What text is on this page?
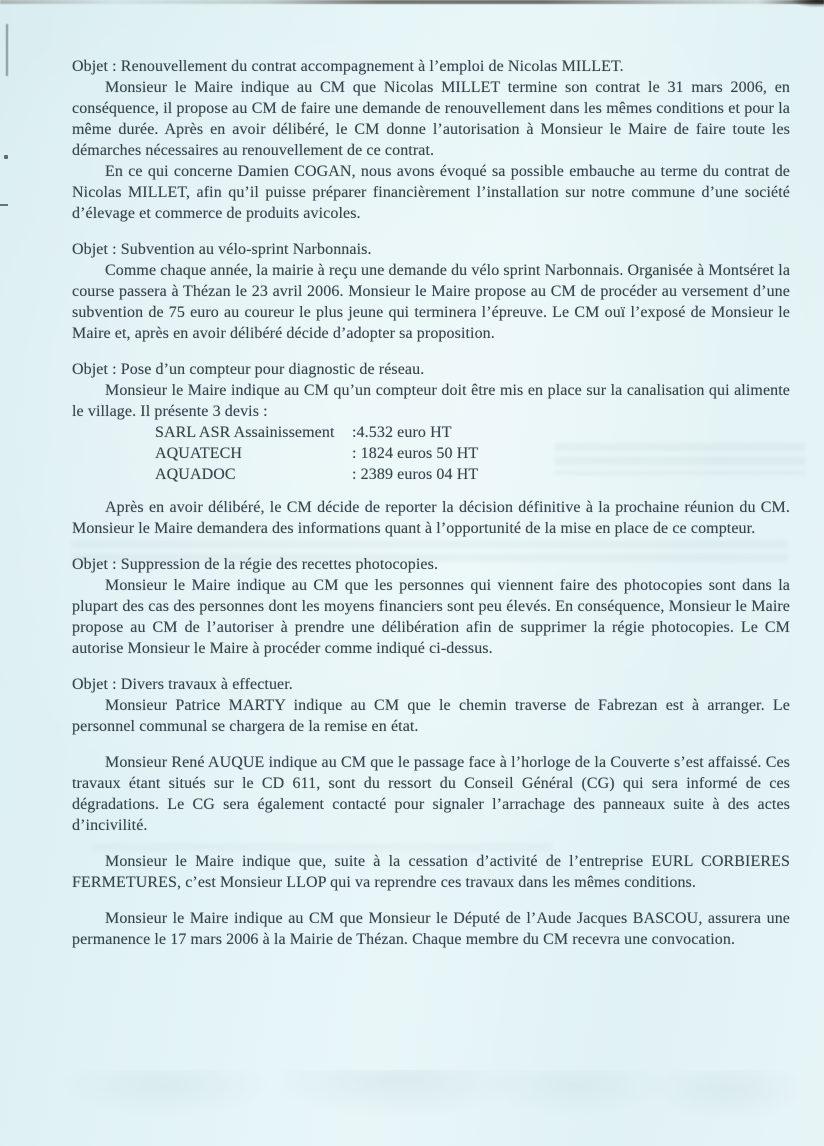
Objet : Renouvellement du contrat accompagnement à l’emploi de Nicolas MILLET.

Monsieur le Maire indique au CM que Nicolas MILLET termine son contrat le 31 mars 2006, en conséquence, il propose au CM de faire une demande de renouvellement dans les mêmes conditions et pour la même durée. Après en avoir délibéré, le CM donne l’autorisation à Monsieur le Maire de faire toute les démarches nécessaires au renouvellement de ce contrat.

En ce qui concerne Damien COGAN, nous avons évoqué sa possible embauche au terme du contrat de Nicolas MILLET, afin qu’il puisse préparer financièrement l’installation sur notre commune d’une société d’élevage et commerce de produits avicoles.

Objet : Subvention au vélo-sprint Narbonnais.

Comme chaque année, la mairie à reçu une demande du vélo sprint Narbonnais. Organisée à Montséret la course passera à Thézan le 23 avril 2006. Monsieur le Maire propose au CM de procéder au versement d’une subvention de 75 euro au coureur le plus jeune qui terminera l’épreuve. Le CM ouï l’exposé de Monsieur le Maire et, après en avoir délibéré décide d’adopter sa proposition.

Objet : Pose d’un compteur pour diagnostic de réseau.

Monsieur le Maire indique au CM qu’un compteur doit être mis en place sur la canalisation qui alimente le village. Il présente 3 devis :

SARL ASR Assainissement	:4.532 euro HT
AQUATECH	: 1824 euros 50 HT
AQUADOC	: 2389 euros 04 HT

Après en avoir délibéré, le CM décide de reporter la décision définitive à la prochaine réunion du CM. Monsieur le Maire demandera des informations quant à l’opportunité de la mise en place de ce compteur.

Objet : Suppression de la régie des recettes photocopies.

Monsieur le Maire indique au CM que les personnes qui viennent faire des photocopies sont dans la plupart des cas des personnes dont les moyens financiers sont peu élevés. En conséquence, Monsieur le Maire propose au CM de l’autoriser à prendre une délibération afin de supprimer la régie photocopies. Le CM autorise Monsieur le Maire à procéder comme indiqué ci-dessus.

Objet : Divers travaux à effectuer.

Monsieur Patrice MARTY indique au CM que le chemin traverse de Fabrezan est à arranger. Le personnel communal se chargera de la remise en état.

Monsieur René AUQUE indique au CM que le passage face à l’horloge de la Couverte s’est affaissé. Ces travaux étant situés sur le CD 611, sont du ressort du Conseil Général (CG) qui sera informé de ces dégradations. Le CG sera également contacté pour signaler l’arrachage des panneaux suite à des actes d’incivilité.

Monsieur le Maire indique que, suite à la cessation d’activité de l’entreprise EURL CORBIERES FERMETURES, c’est Monsieur LLOP qui va reprendre ces travaux dans les mêmes conditions.

Monsieur le Maire indique au CM que Monsieur le Député de l’Aude Jacques BASCOU, assurera une permanence le 17 mars 2006 à la Mairie de Thézan. Chaque membre du CM recevra une convocation.
